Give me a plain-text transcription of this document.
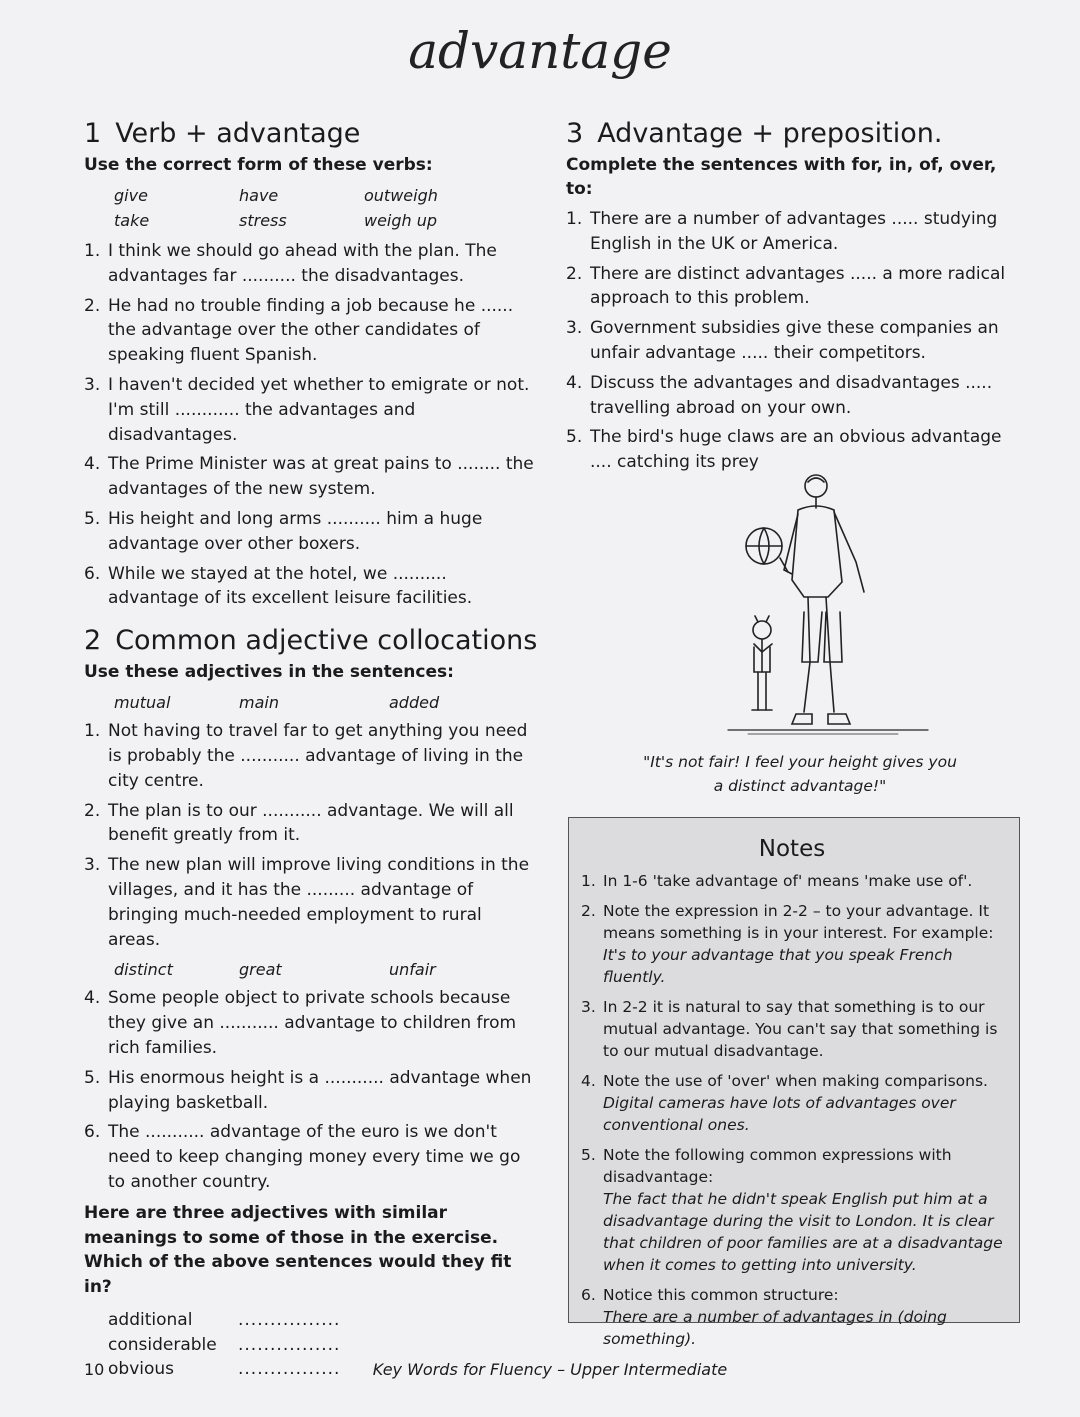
advantage
1 Verb + advantage
Use the correct form of these verbs:
give	have	outweigh
take	stress	weigh up
1. I think we should go ahead with the plan. The advantages far .......... the disadvantages.
2. He had no trouble finding a job because he ...... the advantage over the other candidates of speaking fluent Spanish.
3. I haven't decided yet whether to emigrate or not. I'm still ............ the advantages and disadvantages.
4. The Prime Minister was at great pains to ........ the advantages of the new system.
5. His height and long arms .......... him a huge advantage over other boxers.
6. While we stayed at the hotel, we .......... advantage of its excellent leisure facilities.
2 Common adjective collocations
Use these adjectives in the sentences:
mutual	main	added
1. Not having to travel far to get anything you need is probably the ........... advantage of living in the city centre.
2. The plan is to our ........... advantage. We will all benefit greatly from it.
3. The new plan will improve living conditions in the villages, and it has the ......... advantage of bringing much-needed employment to rural areas.
distinct	great	unfair
4. Some people object to private schools because they give an ........... advantage to children from rich families.
5. His enormous height is a ........... advantage when playing basketball.
6. The ........... advantage of the euro is we don't need to keep changing money every time we go to another country.
Here are three adjectives with similar meanings to some of those in the exercise. Which of the above sentences would they fit in?
additional	................
considerable	................
obvious	................
3 Advantage + preposition.
Complete the sentences with for, in, of, over, to:
1. There are a number of advantages ..... studying English in the UK or America.
2. There are distinct advantages ..... a more radical approach to this problem.
3. Government subsidies give these companies an unfair advantage ..... their competitors.
4. Discuss the advantages and disadvantages ..... travelling abroad on your own.
5. The bird's huge claws are an obvious advantage .... catching its prey
"It's not fair! I feel your height gives you a distinct advantage!"
Notes
1. In 1-6 'take advantage of' means 'make use of'.
2. Note the expression in 2-2 – to your advantage. It means something is in your interest. For example:
It's to your advantage that you speak French fluently.
3. In 2-2 it is natural to say that something is to our mutual advantage. You can't say that something is to our mutual disadvantage.
4. Note the use of 'over' when making comparisons.
Digital cameras have lots of advantages over conventional ones.
5. Note the following common expressions with disadvantage:
The fact that he didn't speak English put him at a disadvantage during the visit to London. It is clear that children of poor families are at a disadvantage when it comes to getting into university.
6. Notice this common structure:
There are a number of advantages in (doing something).
10	Key Words for Fluency – Upper Intermediate
